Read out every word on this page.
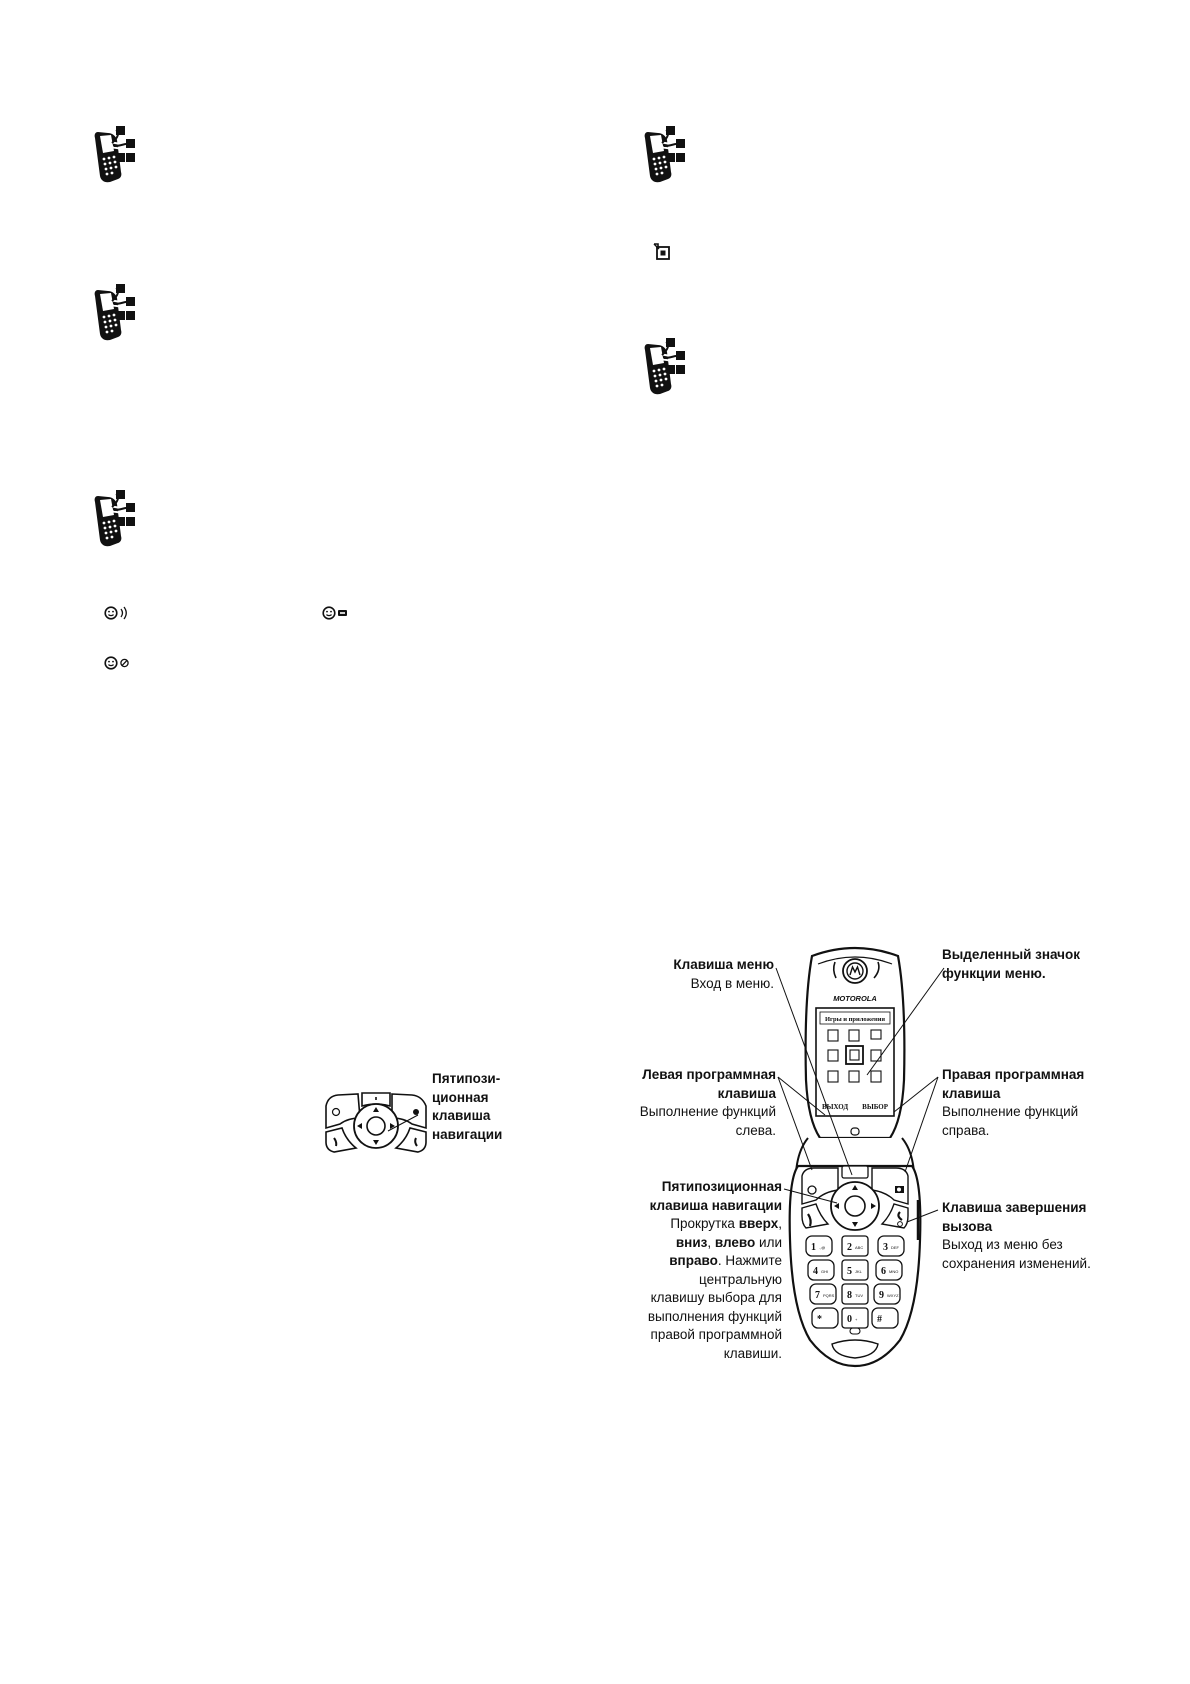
Пятипози-
ционная
клавиша
навигации
MOTOROLA
Игры и приложения
ВЫХОД ВЫБОР
1 .,@ 2 ABC 3 DEF
4 GHI 5 JKL 6 MNO
7 PQRS 8 TUV 9 WXYZ
*	0 + #
Клавиша меню
Вход в меню.
Выделенный значок
функции меню.
Левая программная
клавиша
Выполнение функций
слева.
Правая программная
клавиша
Выполнение функций
справа.
Пятипозиционная
клавиша навигации
Прокрутка вверх,
вниз, влево или
вправо. Нажмите
центральную
клавишу выбора для
выполнения функций
правой программной
клавиши.
Клавиша завершения
вызова
Выход из меню без
сохранения изменений.
